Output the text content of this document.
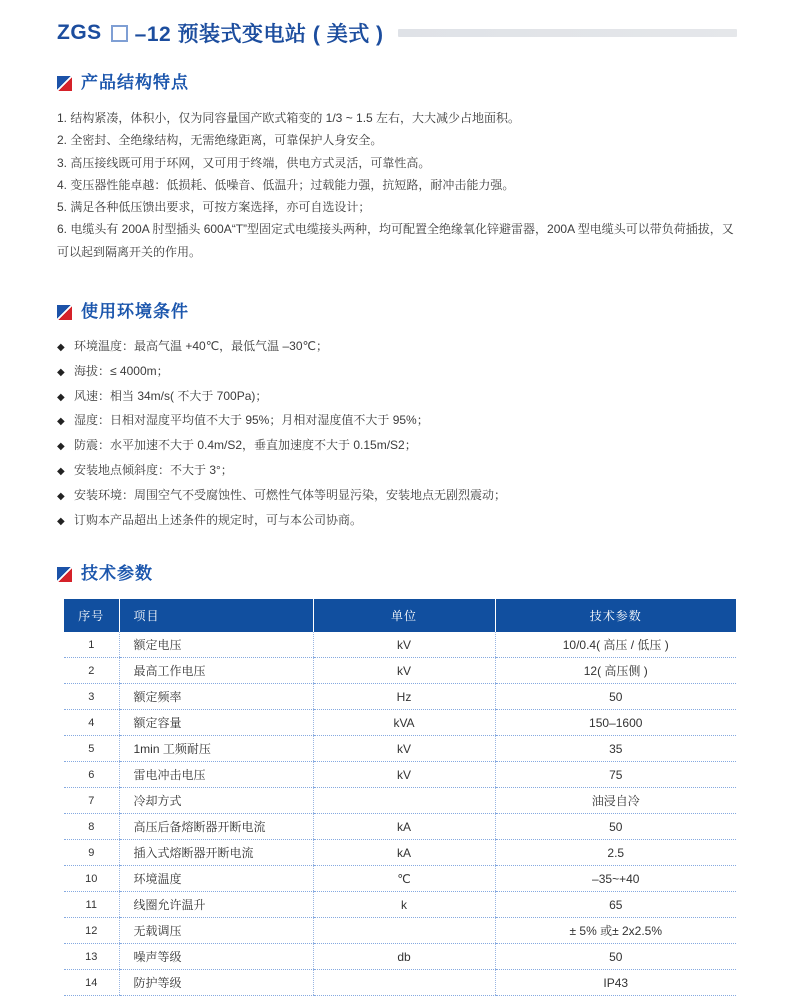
ZGS –12 预装式变电站 ( 美式 )
产品结构特点

1. 结构紧凑，体积小，仅为同容量国产欧式箱变的 1/3 ~ 1.5 左右，大大减少占地面积。

2. 全密封、全绝缘结构，无需绝缘距离，可靠保护人身安全。

3. 高压接线既可用于环网，又可用于终端，供电方式灵活，可靠性高。

4. 变压器性能卓越：低损耗、低噪音、低温升；过载能力强，抗短路，耐冲击能力强。

5. 满足各种低压馈出要求，可按方案选择，亦可自选设计；

6. 电缆头有 200A 肘型插头 600A“T”型固定式电缆接头两种，均可配置全绝缘氧化锌避雷器，200A 型电缆头可以带负荷插拔，又可以起到隔离开关的作用。

使用环境条件

◆ 环境温度：最高气温 +40℃，最低气温 –30℃；

◆ 海拔：≤ 4000m；

◆ 风速：相当 34m/s( 不大于 700Pa)；

◆ 湿度：日相对湿度平均值不大于 95%；月相对湿度值不大于 95%；

◆ 防震：水平加速不大于 0.4m/S2，垂直加速度不大于 0.15m/S2；

◆ 安装地点倾斜度：不大于 3°；

◆ 安装环境：周围空气不受腐蚀性、可燃性气体等明显污染，安装地点无剧烈震动；

◆ 订购本产品超出上述条件的规定时，可与本公司协商。

技术参数
序号	项目	单位	技术参数
1	额定电压	kV	10/0.4( 高压 / 低压 )
2	最高工作电压	kV	12( 高压侧 )
3	额定频率	Hz	50
4	额定容量	kVA	150–1600
5	1min 工频耐压	kV	35
6	雷电冲击电压	kV	75
7	冷却方式		油浸自冷
8	高压后备熔断器开断电流	kA	50
9	插入式熔断器开断电流	kA	2.5
10	环境温度	℃	–35~+40
11	线圈允许温升	k	65
12	无载调压		± 5% 或± 2x2.5%
13	噪声等级	db	50
14	防护等级		IP43
